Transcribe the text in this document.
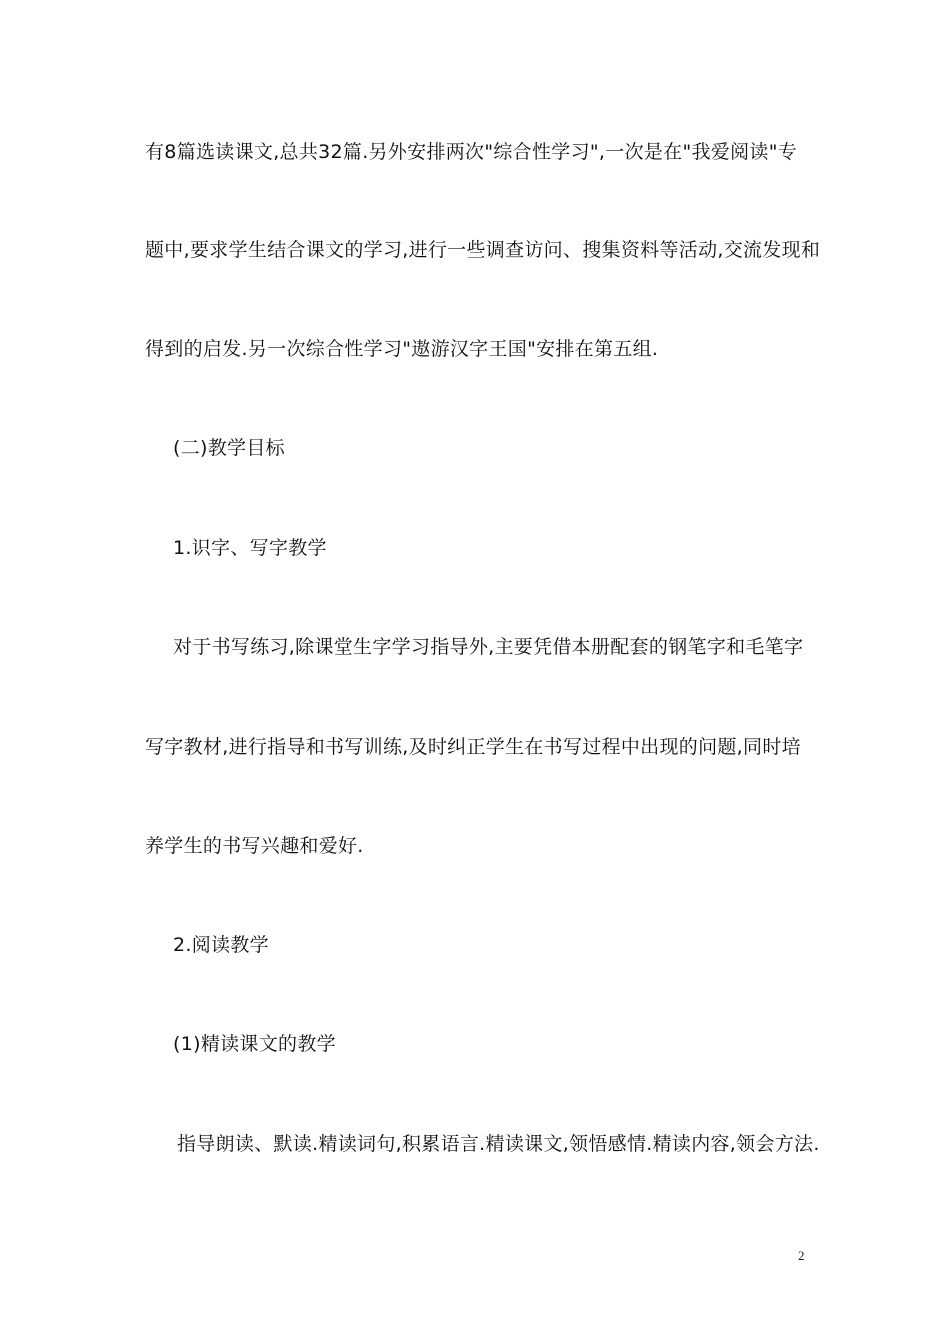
有8篇选读课文,总共32篇.另外安排两次"综合性学习",一次是在"我爱阅读"专
题中,要求学生结合课文的学习,进行一些调查访问、搜集资料等活动,交流发现和
得到的启发.另一次综合性学习"遨游汉字王国"安排在第五组.
(二)教学目标
1.识字、写字教学
对于书写练习,除课堂生字学习指导外,主要凭借本册配套的钢笔字和毛笔字
写字教材,进行指导和书写训练,及时纠正学生在书写过程中出现的问题,同时培
养学生的书写兴趣和爱好.
2.阅读教学
(1)精读课文的教学
指导朗读、默读.精读词句,积累语言.精读课文,领悟感情.精读内容,领会方法.
2
